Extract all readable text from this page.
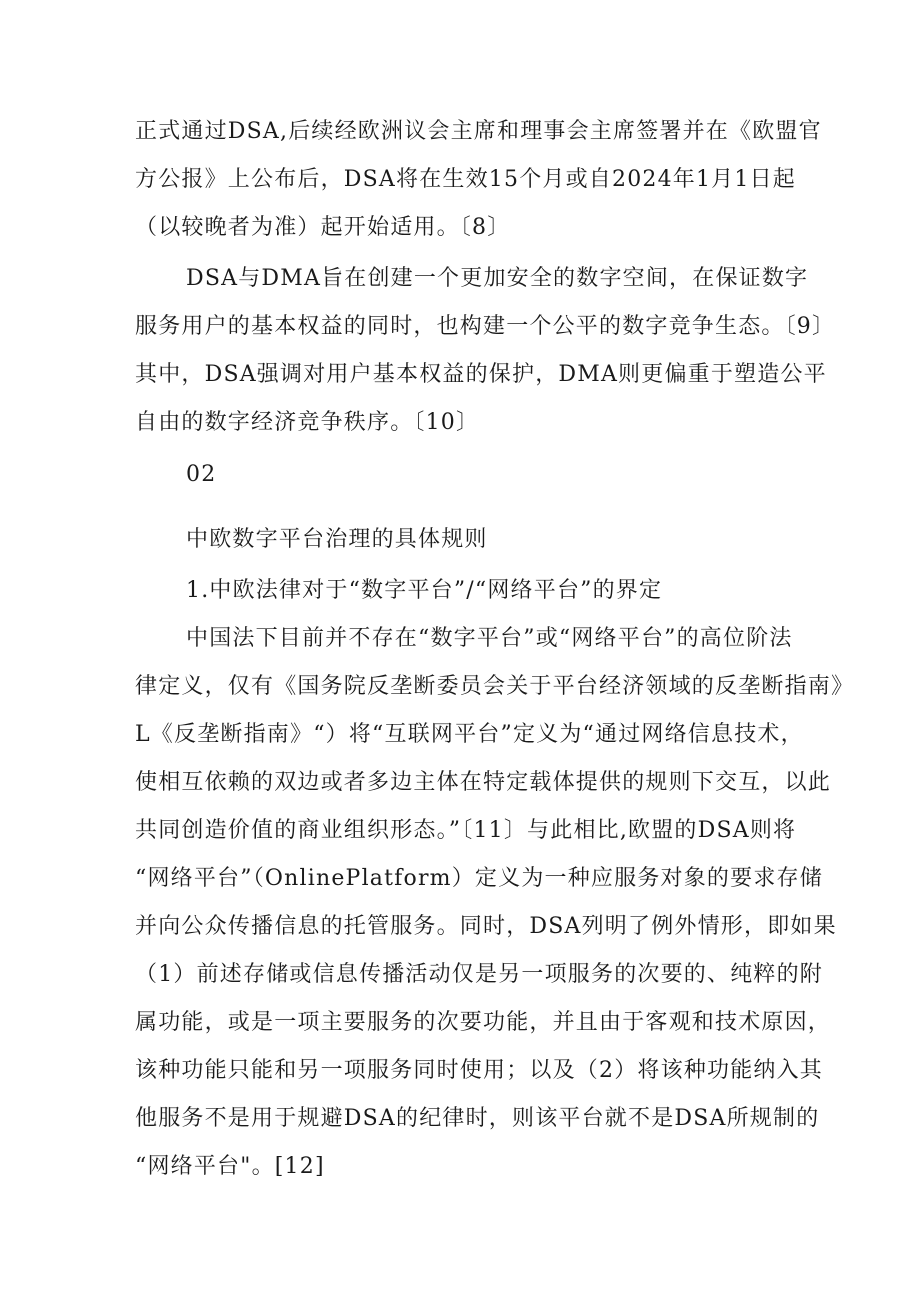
正式通过DSA,后续经欧洲议会主席和理事会主席签署并在《欧盟官
方公报》上公布后，DSA将在生效15个月或自2024年1月1日起
（以较晚者为准）起开始适用。〔8〕
DSA与DMA旨在创建一个更加安全的数字空间，在保证数字
服务用户的基本权益的同时，也构建一个公平的数字竞争生态。〔9〕
其中，DSA强调对用户基本权益的保护，DMA则更偏重于塑造公平
自由的数字经济竞争秩序。〔10〕
02
中欧数字平台治理的具体规则
1.中欧法律对于“数字平台”/“网络平台”的界定
中国法下目前并不存在“数字平台”或“网络平台”的高位阶法
律定义，仅有《国务院反垄断委员会关于平台经济领域的反垄断指南》
L《反垄断指南》“）将“互联网平台”定义为“通过网络信息技术，
使相互依赖的双边或者多边主体在特定载体提供的规则下交互，以此
共同创造价值的商业组织形态。”〔11〕与此相比,欧盟的DSA则将
“网络平台”（OnlinePlatform）定义为一种应服务对象的要求存储
并向公众传播信息的托管服务。同时，DSA列明了例外情形，即如果
（1）前述存储或信息传播活动仅是另一项服务的次要的、纯粹的附
属功能，或是一项主要服务的次要功能，并且由于客观和技术原因，
该种功能只能和另一项服务同时使用；以及（2）将该种功能纳入其
他服务不是用于规避DSA的纪律时，则该平台就不是DSA所规制的
“网络平台"。[12]
